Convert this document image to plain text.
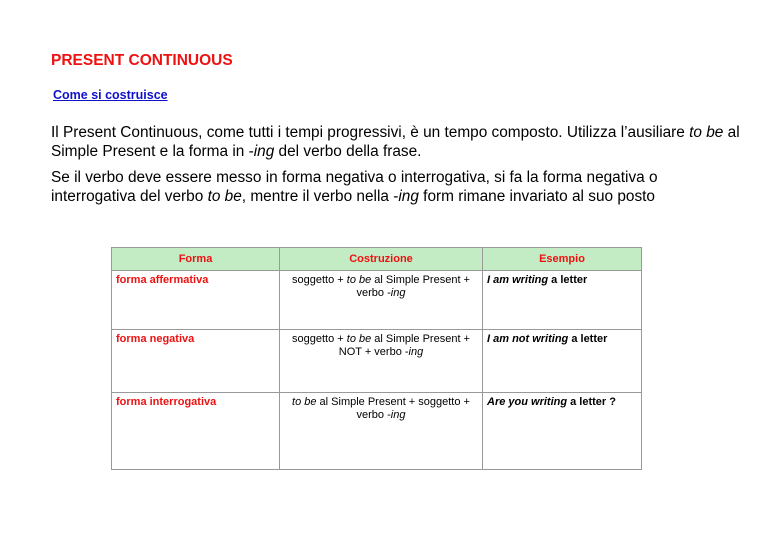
PRESENT CONTINUOUS
Come si costruisce

Il Present Continuous, come tutti i tempi progressivi, è un tempo composto. Utilizza l’ausiliare to be al Simple Present e la forma in -ing del verbo della frase.

Se il verbo deve essere messo in forma negativa o interrogativa, si fa la forma negativa o interrogativa del verbo to be, mentre il verbo nella -ing form rimane invariato al suo posto

Forma	Costruzione	Esempio
forma affermativa	soggetto + to be al Simple Present + verbo -ing	I am writing a letter
forma negativa	soggetto + to be al Simple Present + NOT + verbo -ing	I am not writing a letter
forma interrogativa	to be al Simple Present + soggetto + verbo -ing	Are you writing a letter ?
